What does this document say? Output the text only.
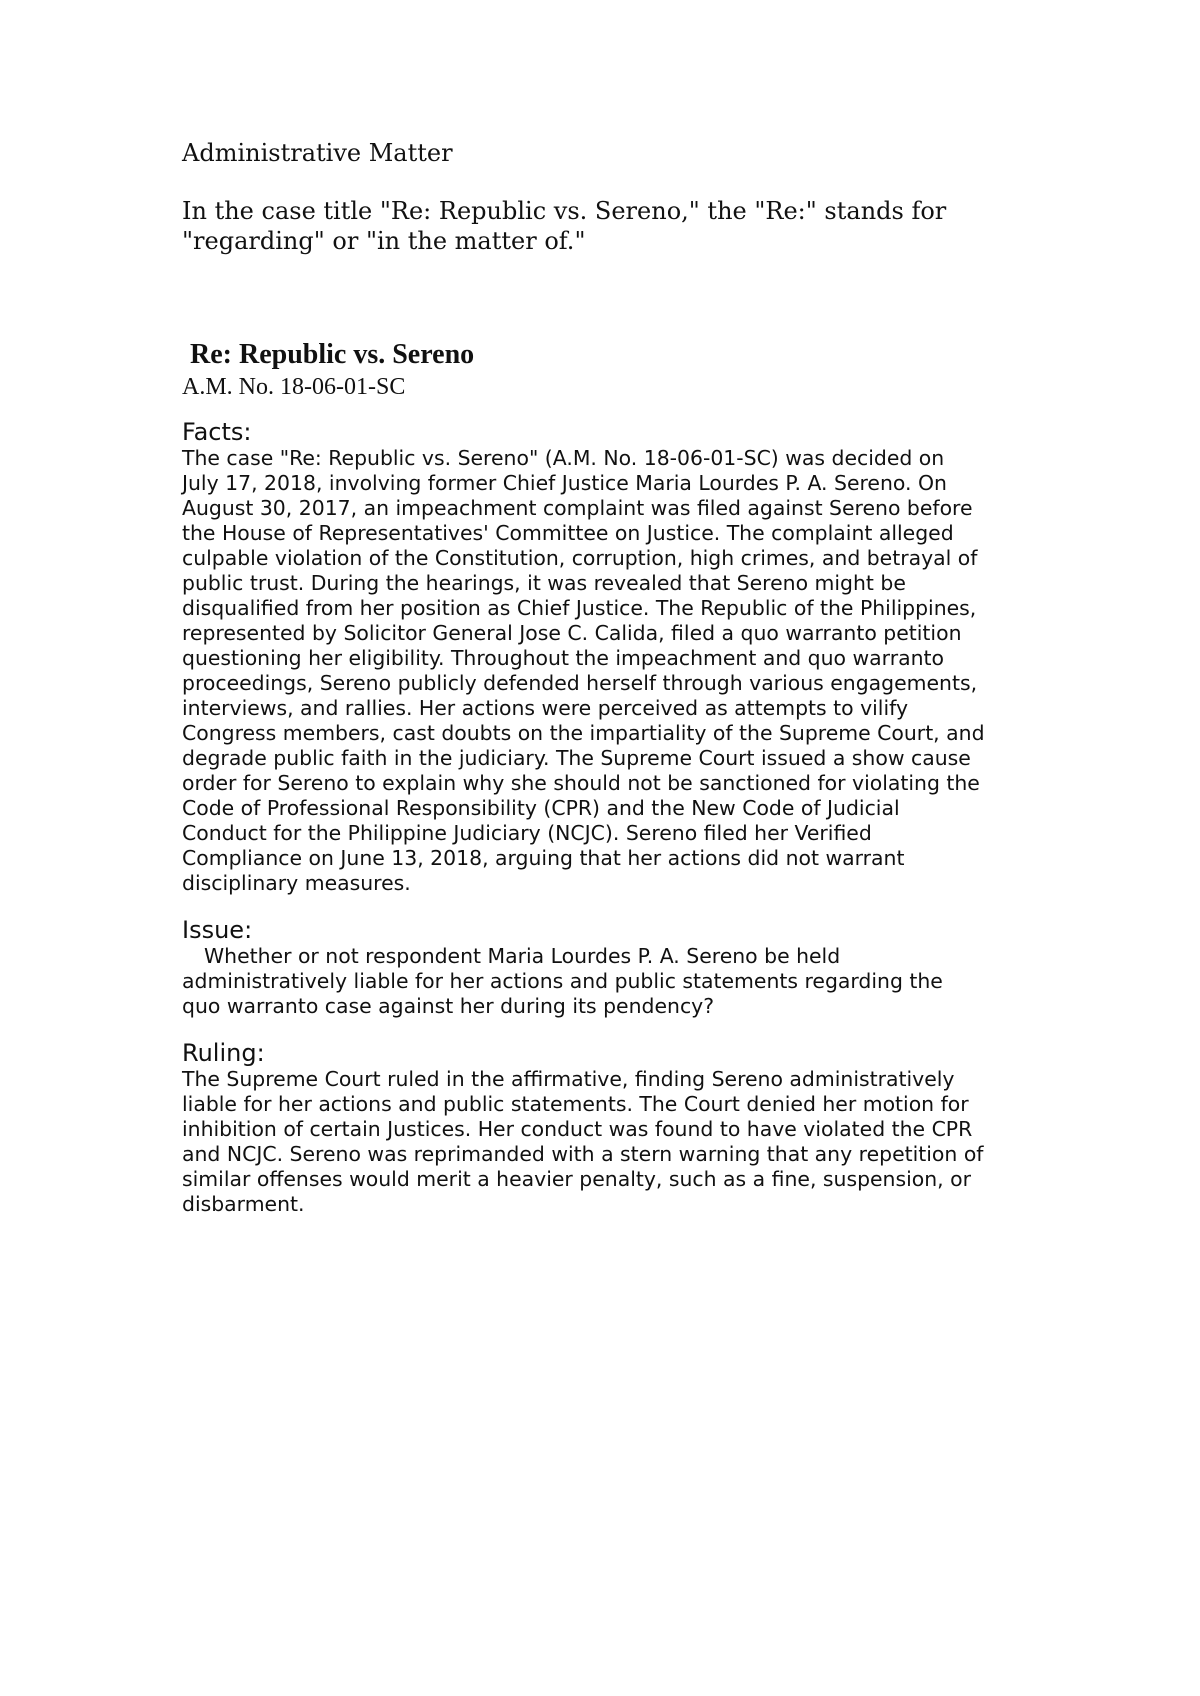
Administrative Matter

In the case title "Re: Republic vs. Sereno," the "Re:" stands for
"regarding" or "in the matter of."

Re: Republic vs. Sereno

A.M. No. 18-06-01-SC

Facts:

The case "Re: Republic vs. Sereno" (A.M. No. 18-06-01-SC) was decided on
July 17, 2018, involving former Chief Justice Maria Lourdes P. A. Sereno. On
August 30, 2017, an impeachment complaint was filed against Sereno before
the House of Representatives' Committee on Justice. The complaint alleged
culpable violation of the Constitution, corruption, high crimes, and betrayal of
public trust. During the hearings, it was revealed that Sereno might be
disqualified from her position as Chief Justice. The Republic of the Philippines,
represented by Solicitor General Jose C. Calida, filed a quo warranto petition
questioning her eligibility. Throughout the impeachment and quo warranto
proceedings, Sereno publicly defended herself through various engagements,
interviews, and rallies. Her actions were perceived as attempts to vilify
Congress members, cast doubts on the impartiality of the Supreme Court, and
degrade public faith in the judiciary. The Supreme Court issued a show cause
order for Sereno to explain why she should not be sanctioned for violating the
Code of Professional Responsibility (CPR) and the New Code of Judicial
Conduct for the Philippine Judiciary (NCJC). Sereno filed her Verified
Compliance on June 13, 2018, arguing that her actions did not warrant
disciplinary measures.

Issue:

Whether or not respondent Maria Lourdes P. A. Sereno be held
administratively liable for her actions and public statements regarding the
quo warranto case against her during its pendency?

Ruling:

The Supreme Court ruled in the affirmative, finding Sereno administratively
liable for her actions and public statements. The Court denied her motion for
inhibition of certain Justices. Her conduct was found to have violated the CPR
and NCJC. Sereno was reprimanded with a stern warning that any repetition of
similar offenses would merit a heavier penalty, such as a fine, suspension, or
disbarment.
